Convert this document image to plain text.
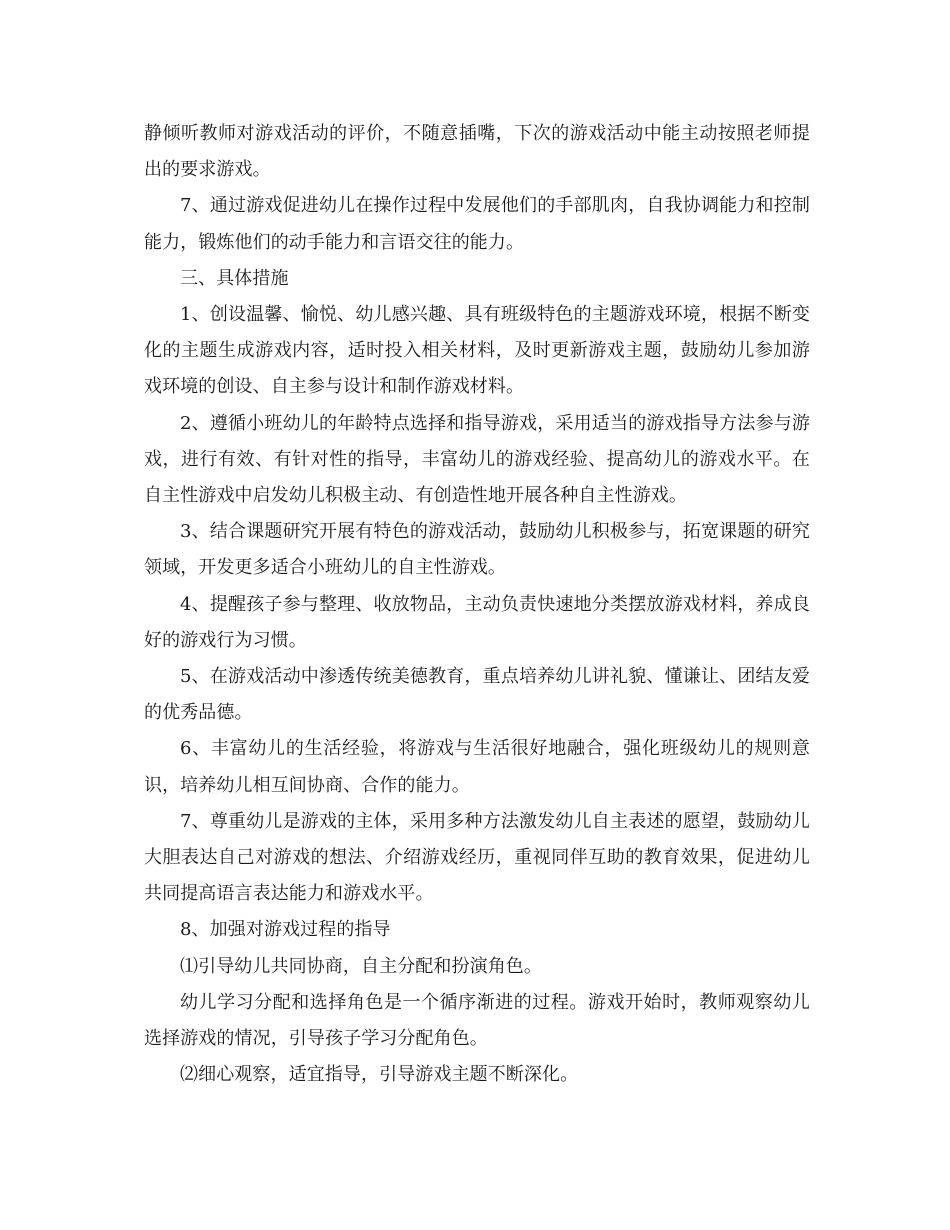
静倾听教师对游戏活动的评价，不随意插嘴，下次的游戏活动中能主动按照老师提出的要求游戏。

7、通过游戏促进幼儿在操作过程中发展他们的手部肌肉，自我协调能力和控制能力，锻炼他们的动手能力和言语交往的能力。

三、具体措施

1、创设温馨、愉悦、幼儿感兴趣、具有班级特色的主题游戏环境，根据不断变化的主题生成游戏内容，适时投入相关材料，及时更新游戏主题，鼓励幼儿参加游戏环境的创设、自主参与设计和制作游戏材料。

2、遵循小班幼儿的年龄特点选择和指导游戏，采用适当的游戏指导方法参与游戏，进行有效、有针对性的指导，丰富幼儿的游戏经验、提高幼儿的游戏水平。在自主性游戏中启发幼儿积极主动、有创造性地开展各种自主性游戏。

3、结合课题研究开展有特色的游戏活动，鼓励幼儿积极参与，拓宽课题的研究领域，开发更多适合小班幼儿的自主性游戏。

4、提醒孩子参与整理、收放物品，主动负责快速地分类摆放游戏材料，养成良好的游戏行为习惯。

5、在游戏活动中渗透传统美德教育，重点培养幼儿讲礼貌、懂谦让、团结友爱的优秀品德。

6、丰富幼儿的生活经验，将游戏与生活很好地融合，强化班级幼儿的规则意识，培养幼儿相互间协商、合作的能力。

7、尊重幼儿是游戏的主体，采用多种方法激发幼儿自主表述的愿望，鼓励幼儿大胆表达自己对游戏的想法、介绍游戏经历，重视同伴互助的教育效果，促进幼儿共同提高语言表达能力和游戏水平。

8、加强对游戏过程的指导

⑴引导幼儿共同协商，自主分配和扮演角色。

幼儿学习分配和选择角色是一个循序渐进的过程。游戏开始时，教师观察幼儿选择游戏的情况，引导孩子学习分配角色。

⑵细心观察，适宜指导，引导游戏主题不断深化。
